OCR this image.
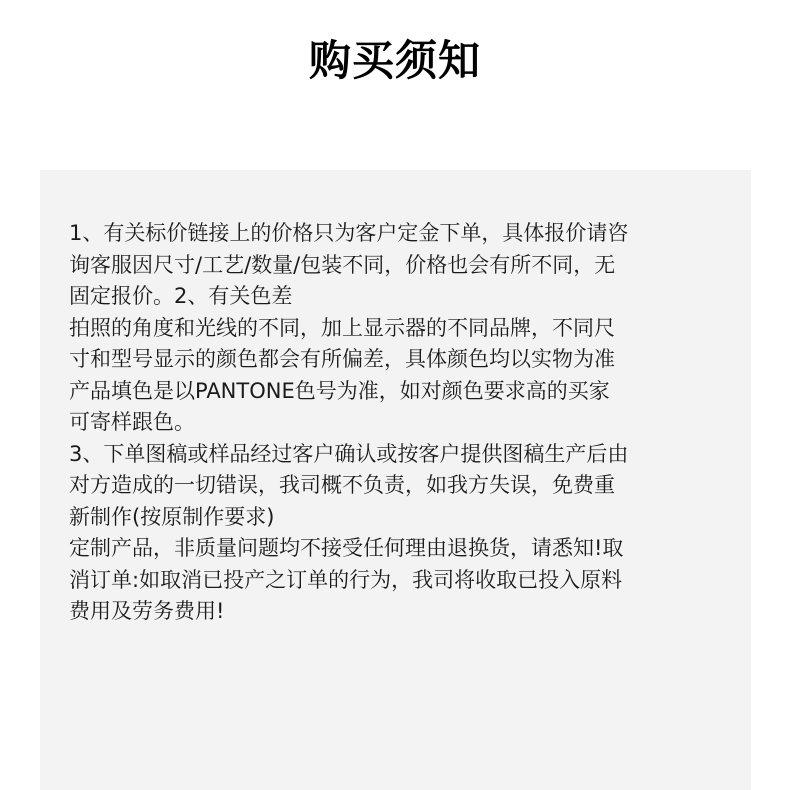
购买须知
1、有关标价链接上的价格只为客户定金下单，具体报价请咨
询客服因尺寸/工艺/数量/包装不同，价格也会有所不同，无
固定报价。2、有关色差
拍照的角度和光线的不同，加上显示器的不同品牌，不同尺
寸和型号显示的颜色都会有所偏差，具体颜色均以实物为准
产品填色是以PANTONE色号为准，如对颜色要求高的买家
可寄样跟色。
3、下单图稿或样品经过客户确认或按客户提供图稿生产后由
对方造成的一切错误，我司概不负责，如我方失误，免费重
新制作(按原制作要求)
定制产品，非质量问题均不接受任何理由退换货，请悉知!取
消订单:如取消已投产之订单的行为，我司将收取已投入原料
费用及劳务费用!
